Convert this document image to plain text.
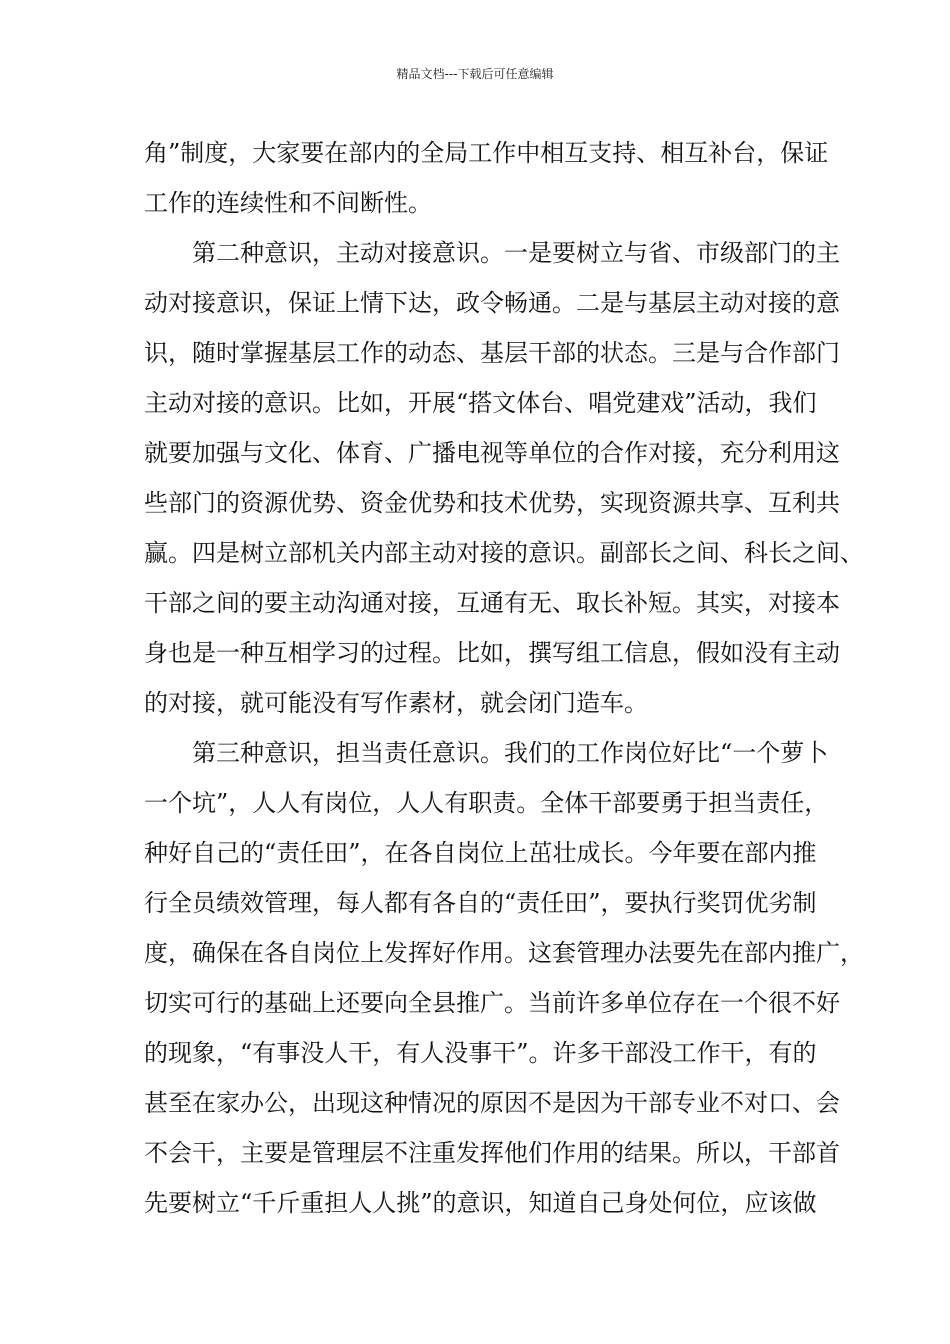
精品文档---下载后可任意编辑
角”制度，大家要在部内的全局工作中相互支持、相互补台，保证
工作的连续性和不间断性。
　　第二种意识，主动对接意识。一是要树立与省、市级部门的主
动对接意识，保证上情下达，政令畅通。二是与基层主动对接的意
识，随时掌握基层工作的动态、基层干部的状态。三是与合作部门
主动对接的意识。比如，开展“搭文体台、唱党建戏”活动，我们
就要加强与文化、体育、广播电视等单位的合作对接，充分利用这
些部门的资源优势、资金优势和技术优势，实现资源共享、互利共
赢。四是树立部机关内部主动对接的意识。副部长之间、科长之间、
干部之间的要主动沟通对接，互通有无、取长补短。其实，对接本
身也是一种互相学习的过程。比如，撰写组工信息，假如没有主动
的对接，就可能没有写作素材，就会闭门造车。
　　第三种意识，担当责任意识。我们的工作岗位好比“一个萝卜
一个坑”，人人有岗位，人人有职责。全体干部要勇于担当责任，
种好自己的“责任田”，在各自岗位上茁壮成长。今年要在部内推
行全员绩效管理，每人都有各自的“责任田”，要执行奖罚优劣制
度，确保在各自岗位上发挥好作用。这套管理办法要先在部内推广，
切实可行的基础上还要向全县推广。当前许多单位存在一个很不好
的现象，“有事没人干，有人没事干”。许多干部没工作干，有的
甚至在家办公，出现这种情况的原因不是因为干部专业不对口、会
不会干，主要是管理层不注重发挥他们作用的结果。所以，干部首
先要树立“千斤重担人人挑”的意识，知道自己身处何位，应该做
